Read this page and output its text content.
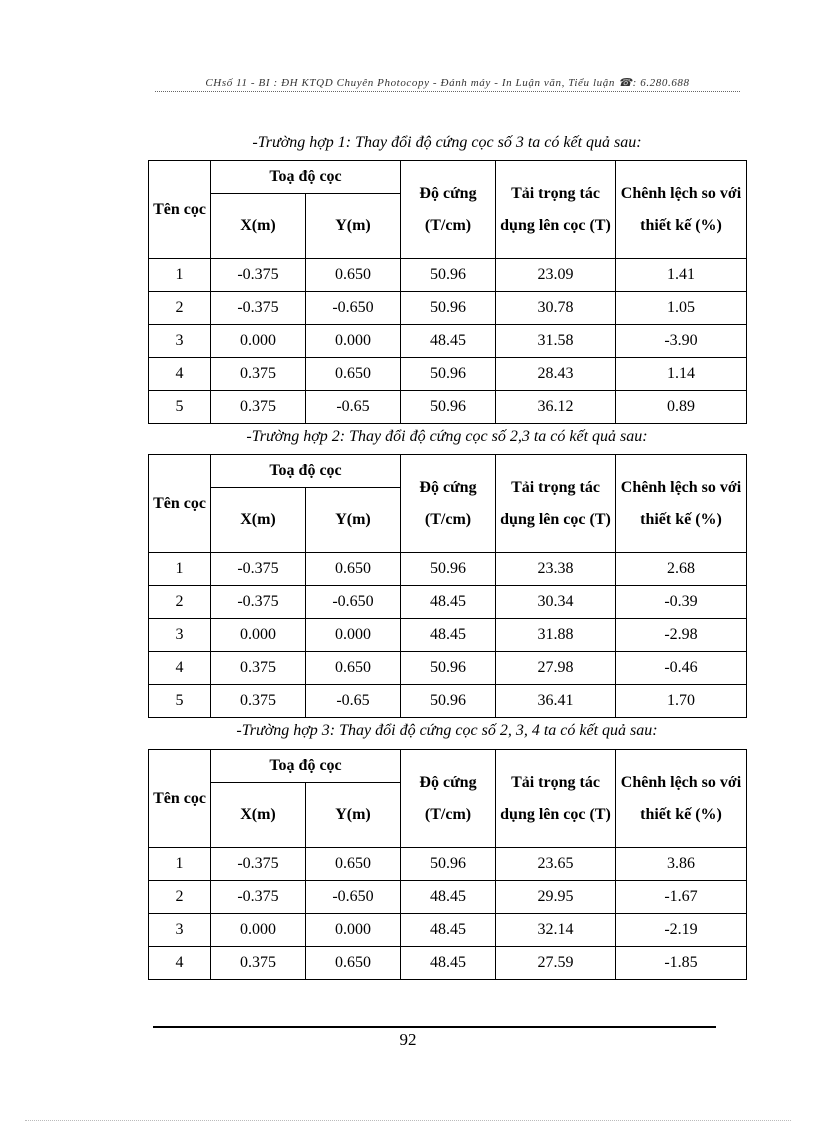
CHsố 11 - BI : ĐH KTQD Chuyên Photocopy - Đánh máy - In Luận văn, Tiểu luận ☎: 6.280.688
-Trường hợp 1: Thay đổi độ cứng cọc số 3 ta có kết quả sau:
Tên cọc	Toạ độ cọc		Độ cứng (T/cm)	Tải trọng tác dụng lên cọc (T)	Chênh lệch so với thiết kế (%)
	X(m)	Y(m)			
1	-0.375	0.650	50.96	23.09	1.41
2	-0.375	-0.650	50.96	30.78	1.05
3	0.000	0.000	48.45	31.58	-3.90
4	0.375	0.650	50.96	28.43	1.14
5	0.375	-0.65	50.96	36.12	0.89
-Trường hợp 2: Thay đổi độ cứng cọc số 2,3 ta có kết quả sau:
Tên cọc	Toạ độ cọc		Độ cứng (T/cm)	Tải trọng tác dụng lên cọc (T)	Chênh lệch so với thiết kế (%)
	X(m)	Y(m)			
1	-0.375	0.650	50.96	23.38	2.68
2	-0.375	-0.650	48.45	30.34	-0.39
3	0.000	0.000	48.45	31.88	-2.98
4	0.375	0.650	50.96	27.98	-0.46
5	0.375	-0.65	50.96	36.41	1.70
-Trường hợp 3: Thay đổi độ cứng cọc số 2, 3, 4 ta có kết quả sau:
Tên cọc	Toạ độ cọc		Độ cứng (T/cm)	Tải trọng tác dụng lên cọc (T)	Chênh lệch so với thiết kế (%)
	X(m)	Y(m)			
1	-0.375	0.650	50.96	23.65	3.86
2	-0.375	-0.650	48.45	29.95	-1.67
3	0.000	0.000	48.45	32.14	-2.19
4	0.375	0.650	48.45	27.59	-1.85
92
